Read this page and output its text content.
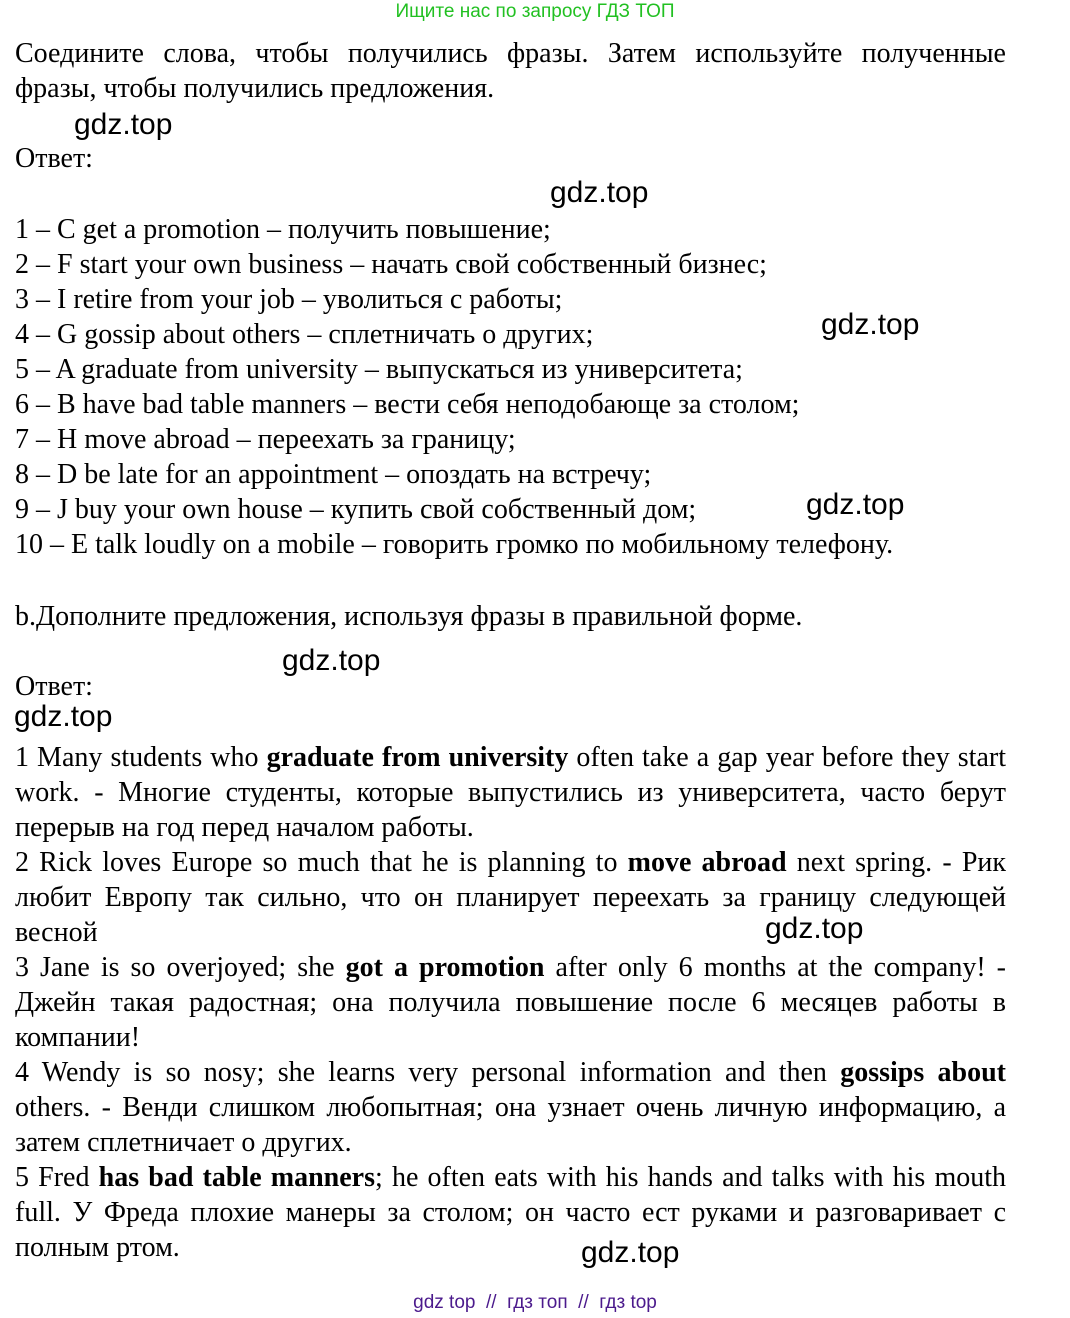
Ищите нас по запросу ГДЗ ТОП
Соедините слова, чтобы получились фразы. Затем используйте полученные фразы, чтобы получились предложения.
Ответ:
1 – C get a promotion – получить повышение;
2 – F start your own business – начать свой собственный бизнес;
3 – I retire from your job – уволиться с работы;
4 – G gossip about others – сплетничать о других;
5 – A graduate from university – выпускаться из университета;
6 – B have bad table manners – вести себя неподобающе за столом;
7 – H move abroad – переехать за границу;
8 – D be late for an appointment – опоздать на встречу;
9 – J buy your own house – купить свой собственный дом;
10 – E talk loudly on a mobile – говорить громко по мобильному телефону.
b.Дополните предложения, используя фразы в правильной форме.
Ответ:
1 Many students who graduate from university often take a gap year before they start work. - Многие студенты, которые выпустились из университета, часто берут перерыв на год перед началом работы.
2 Rick loves Europe so much that he is planning to move abroad next spring. - Рик любит Европу так сильно, что он планирует переехать за границу следующей весной
3 Jane is so overjoyed; she got a promotion after only 6 months at the company! - Джейн такая радостная; она получила повышение после 6 месяцев работы в компании!
4 Wendy is so nosy; she learns very personal information and then gossips about others. - Венди слишком любопытная; она узнает очень личную информацию, а затем сплетничает о других.
5 Fred has bad table manners; he often eats with his hands and talks with his mouth full. У Фреда плохие манеры за столом; он часто ест руками и разговаривает с полным ртом.
gdz.top
gdz.top
gdz.top
gdz.top
gdz.top
gdz.top
gdz.top
gdz.top
gdz top  //  гдз топ  //  гдз top
